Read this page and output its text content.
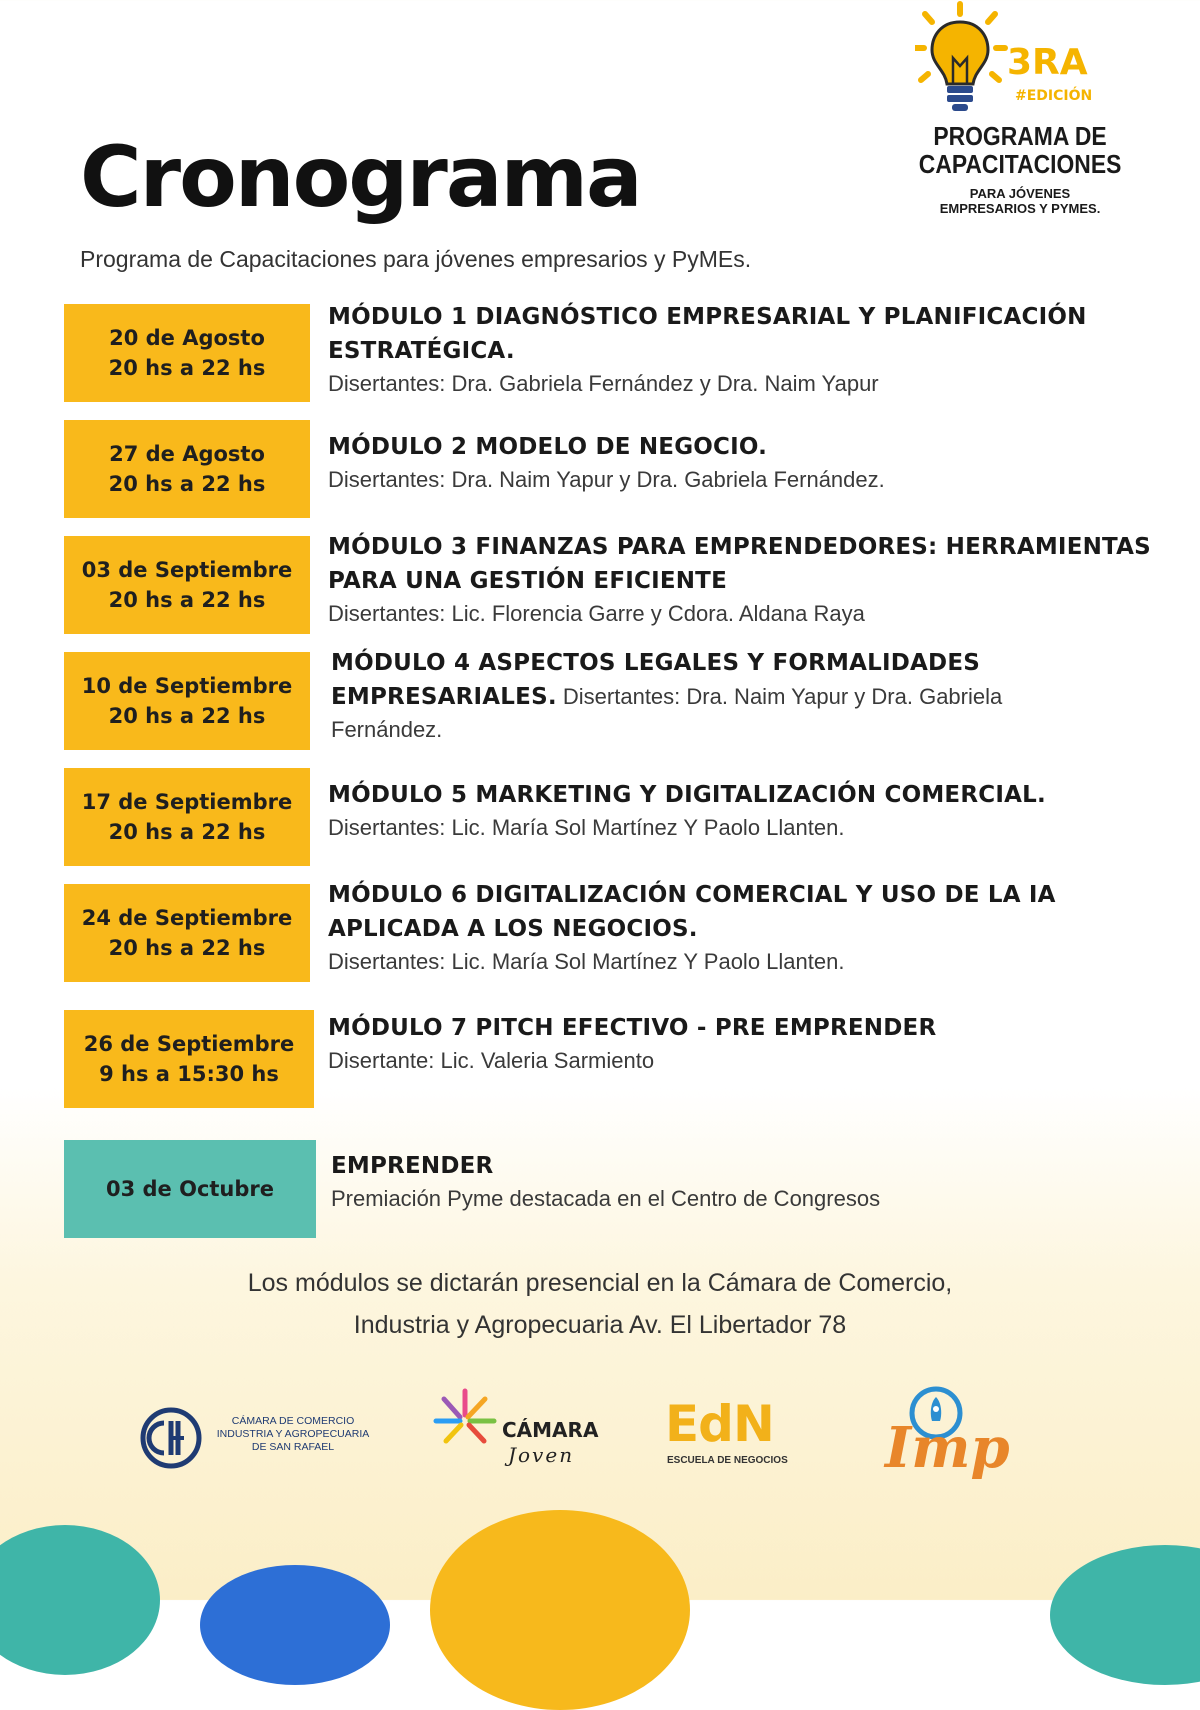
Cronograma

Programa de Capacitaciones para jóvenes empresarios y PyMEs.

3RA
#EDICIÓN
PROGRAMA DE
CAPACITACIONES
PARA JÓVENES
EMPRESARIOS Y PYMES.
20 de Agosto
20 hs a 22 hs
MÓDULO 1 DIAGNÓSTICO EMPRESARIAL Y PLANIFICACIÓN
ESTRATÉGICA.
Disertantes: Dra. Gabriela Fernández y Dra. Naim Yapur
27 de Agosto
20 hs a 22 hs
MÓDULO 2 MODELO DE NEGOCIO.
Disertantes: Dra. Naim Yapur y Dra. Gabriela Fernández.
03 de Septiembre
20 hs a 22 hs
MÓDULO 3 FINANZAS PARA EMPRENDEDORES: HERRAMIENTAS
PARA UNA GESTIÓN EFICIENTE
Disertantes: Lic. Florencia Garre y Cdora. Aldana Raya
10 de Septiembre
20 hs a 22 hs
MÓDULO 4 ASPECTOS LEGALES Y FORMALIDADES
EMPRESARIALES. Disertantes: Dra. Naim Yapur y Dra. Gabriela
Fernández.
17 de Septiembre
20 hs a 22 hs
MÓDULO 5 MARKETING Y DIGITALIZACIÓN COMERCIAL.
Disertantes: Lic. María Sol Martínez Y Paolo Llanten.
24 de Septiembre
20 hs a 22 hs
MÓDULO 6 DIGITALIZACIÓN COMERCIAL Y USO DE LA IA
APLICADA A LOS NEGOCIOS.
Disertantes: Lic. María Sol Martínez Y Paolo Llanten.
26 de Septiembre
9 hs a 15:30 hs
MÓDULO 7 PITCH EFECTIVO - PRE EMPRENDER
Disertante: Lic. Valeria Sarmiento
03 de Octubre
EMPRENDER
Premiación Pyme destacada en el Centro de Congresos
Los módulos se dictarán presencial en la Cámara de Comercio,
Industria y Agropecuaria Av. El Libertador 78
CÁMARA DE COMERCIO
INDUSTRIA Y AGROPECUARIA
DE SAN RAFAEL
CÁMARA
Joven
EdN
ESCUELA DE NEGOCIOS Imp
